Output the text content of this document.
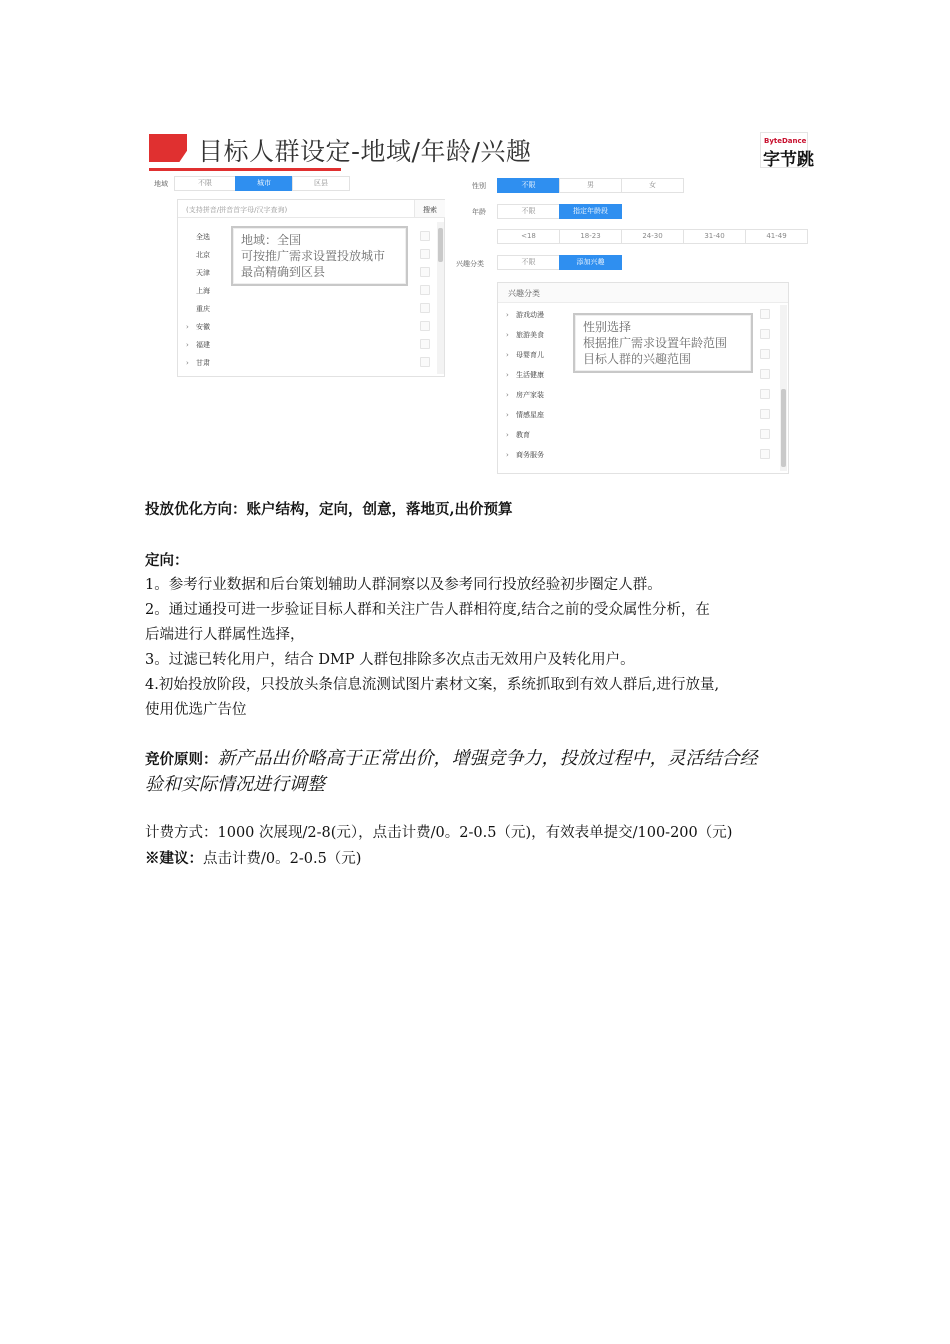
目标人群设定-地域/年龄/兴趣	ByteDance
字节跳
地域	不限	城市	区县
(支持拼音/拼音首字母/汉字查询)	搜索
全选
北京
天津
上海
重庆
› 安徽
› 福建
› 甘肃
地域：全国
可按推广需求设置投放城市
最高精确到区县
性别	不限	男	女
年龄	不限	指定年龄段
<18	18-23	24-30	31-40	41-49
兴趣分类	不限	添加兴趣
兴趣分类
› 游戏动漫
› 旅游美食
› 母婴育儿
› 生活健康
› 房产家装
› 情感星座
› 教育
› 商务服务
性别选择
根据推广需求设置年龄范围
目标人群的兴趣范围
投放优化方向：账户结构，定向，创意，落地页,出价预算
定向：
1。参考行业数据和后台策划辅助人群洞察以及参考同行投放经验初步圈定人群。
2。通过通投可进一步验证目标人群和关注广告人群相符度,结合之前的受众属性分析，在
后端进行人群属性选择，
3。过滤已转化用户，结合 DMP 人群包排除多次点击无效用户及转化用户。
4.初始投放阶段，只投放头条信息流测试图片素材文案，系统抓取到有效人群后,进行放量,
使用优选广告位
竞价原则：新产品出价略高于正常出价，增强竞争力，投放过程中，灵活结合经
验和实际情况进行调整
计费方式：1000 次展现/2-8(元），点击计费/0。2-0.5（元)，有效表单提交/100-200（元)
※建议：点击计费/0。2-0.5（元)
